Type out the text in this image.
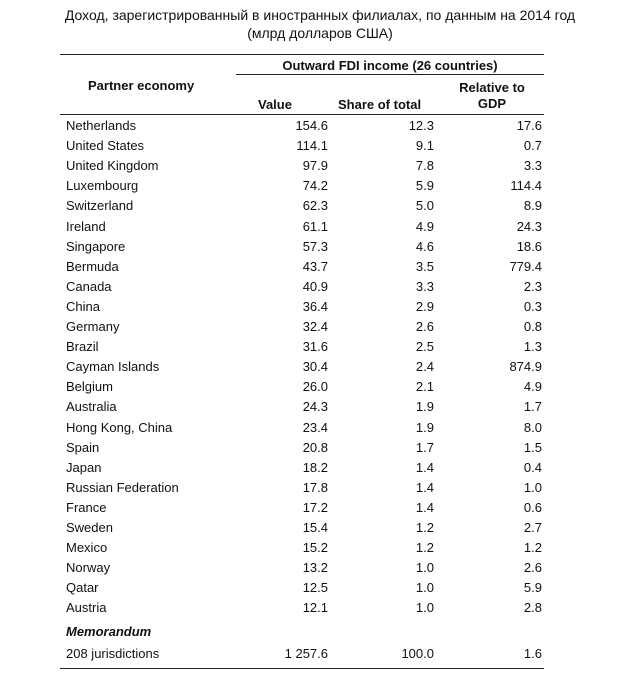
Доход, зарегистрированный в иностранных филиалах, по данным на 2014 год
(млрд долларов США)
Partner economy
Outward FDI income (26 countries)
Value	Share of total
Relative to
GDP
Netherlands	154.6	12.3	17.6
United States	114.1	9.1	0.7
United Kingdom	97.9	7.8	3.3
Luxembourg	74.2	5.9	114.4
Switzerland	62.3	5.0	8.9
Ireland	61.1	4.9	24.3
Singapore	57.3	4.6	18.6
Bermuda	43.7	3.5	779.4
Canada	40.9	3.3	2.3
China	36.4	2.9	0.3
Germany	32.4	2.6	0.8
Brazil	31.6	2.5	1.3
Cayman Islands	30.4	2.4	874.9
Belgium	26.0	2.1	4.9
Australia	24.3	1.9	1.7
Hong Kong, China	23.4	1.9	8.0
Spain	20.8	1.7	1.5
Japan	18.2	1.4	0.4
Russian Federation	17.8	1.4	1.0
France	17.2	1.4	0.6
Sweden	15.4	1.2	2.7
Mexico	15.2	1.2	1.2
Norway	13.2	1.0	2.6
Qatar	12.5	1.0	5.9
Austria	12.1	1.0	2.8
Memorandum
208 jurisdictions	1 257.6	100.0	1.6
